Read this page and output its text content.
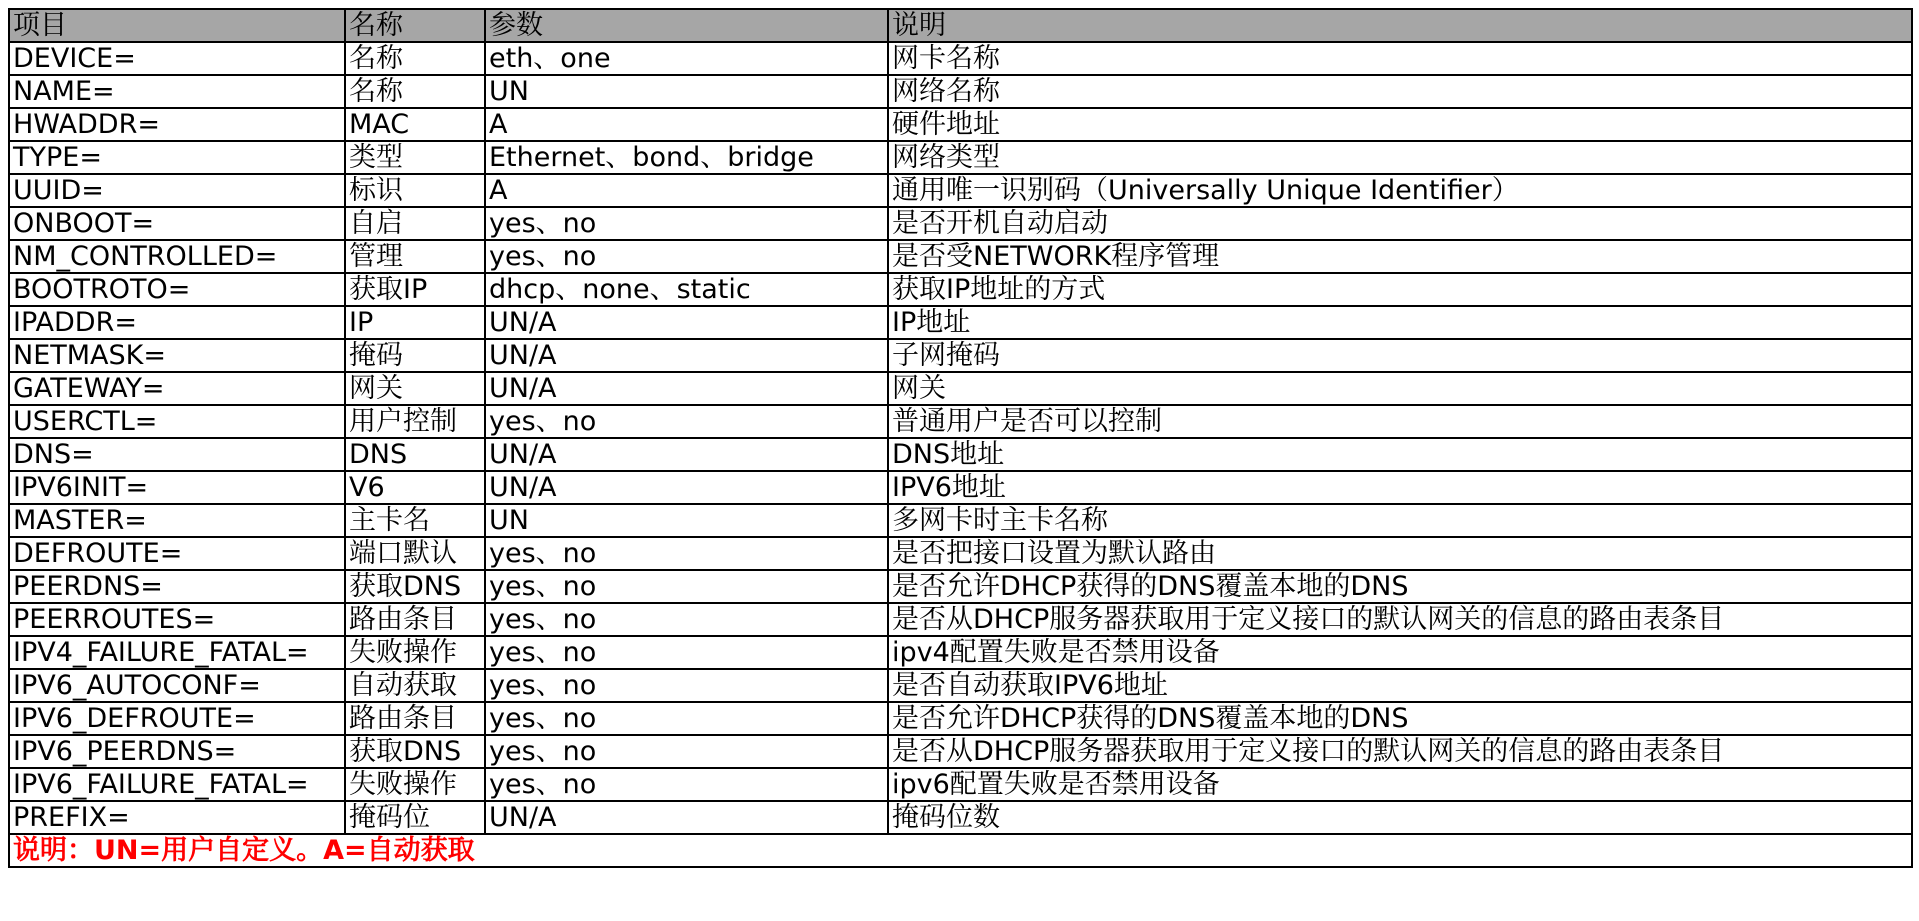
项目	名称	参数	说明
DEVICE=	名称	eth、one	网卡名称
NAME=	名称	UN	网络名称
HWADDR=	MAC	A	硬件地址
TYPE=	类型	Ethernet、bond、bridge	网络类型
UUID=	标识	A	通用唯一识别码（Universally Unique Identifier）
ONBOOT=	自启	yes、no	是否开机自动启动
NM_CONTROLLED=	管理	yes、no	是否受NETWORK程序管理
BOOTROTO=	获取IP	dhcp、none、static	获取IP地址的方式
IPADDR=	IP	UN/A	IP地址
NETMASK=	掩码	UN/A	子网掩码
GATEWAY=	网关	UN/A	网关
USERCTL=	用户控制	yes、no	普通用户是否可以控制
DNS=	DNS	UN/A	DNS地址
IPV6INIT=	V6	UN/A	IPV6地址
MASTER=	主卡名	UN	多网卡时主卡名称
DEFROUTE=	端口默认	yes、no	是否把接口设置为默认路由
PEERDNS=	获取DNS	yes、no	是否允许DHCP获得的DNS覆盖本地的DNS
PEERROUTES=	路由条目	yes、no	是否从DHCP服务器获取用于定义接口的默认网关的信息的路由表条目
IPV4_FAILURE_FATAL=	失败操作	yes、no	ipv4配置失败是否禁用设备
IPV6_AUTOCONF=	自动获取	yes、no	是否自动获取IPV6地址
IPV6_DEFROUTE=	路由条目	yes、no	是否允许DHCP获得的DNS覆盖本地的DNS
IPV6_PEERDNS=	获取DNS	yes、no	是否从DHCP服务器获取用于定义接口的默认网关的信息的路由表条目
IPV6_FAILURE_FATAL=	失败操作	yes、no	ipv6配置失败是否禁用设备
PREFIX=	掩码位	UN/A	掩码位数
说明：UN=用户自定义。A=自动获取			
